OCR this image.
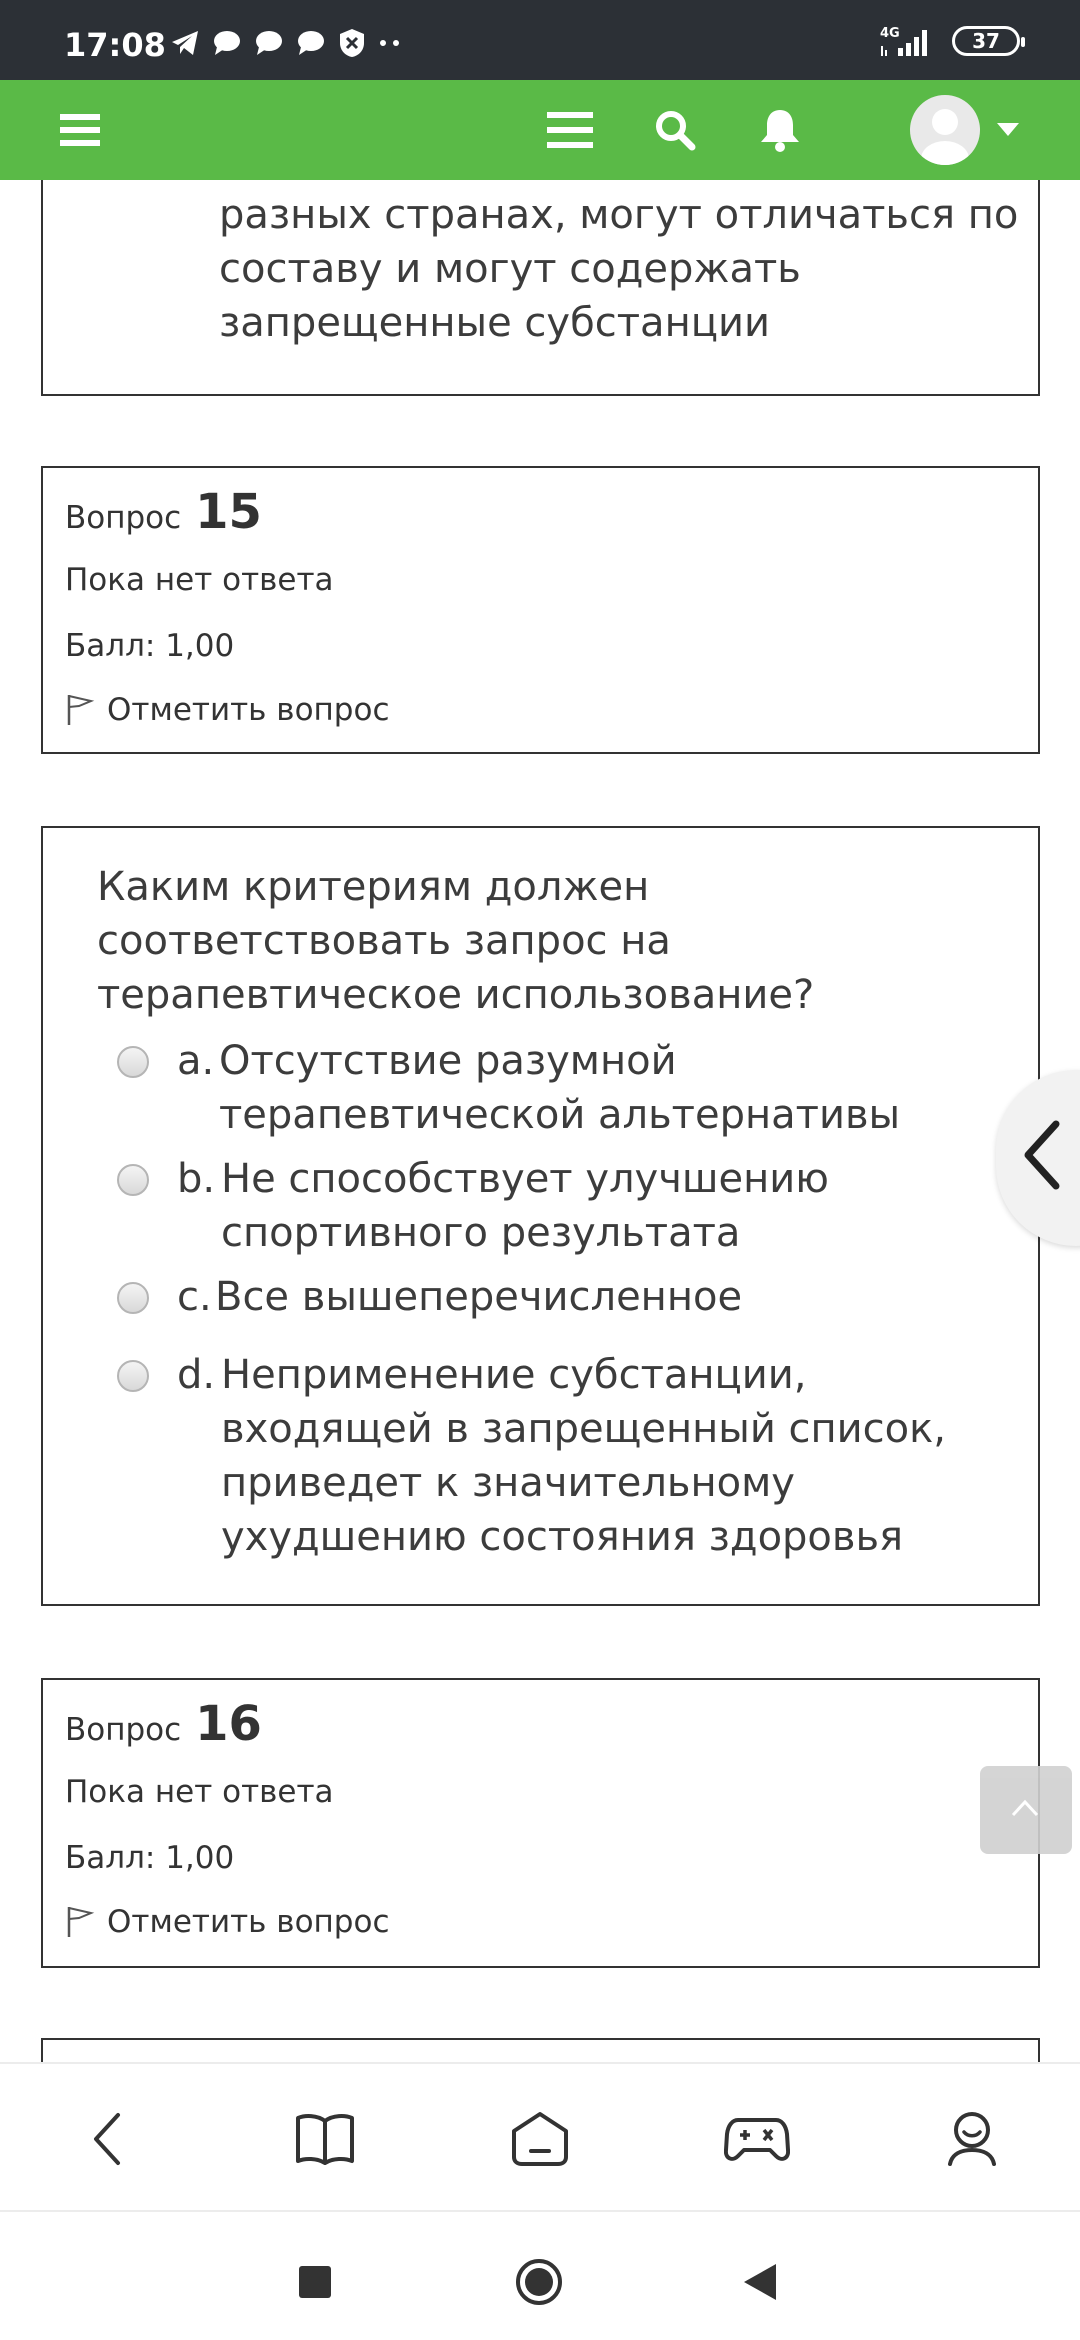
17:08	4G	37

разных странах, могут отличаться по

составу и могут содержать

запрещенные субстанции

Вопрос 15
Пока нет ответа
Балл: 1,00
Отметить вопрос
Каким критериям должен соответствовать запрос на терапевтическое использование?
a. Отсутствие разумной терапевтической альтернативы
b. Не способствует улучшению спортивного результата
c. Все вышеперечисленное
d. Неприменение субстанции, входящей в запрещенный список, приведет к значительному ухудшению состояния здоровья
Вопрос 16
Пока нет ответа
Балл: 1,00
Отметить вопрос
